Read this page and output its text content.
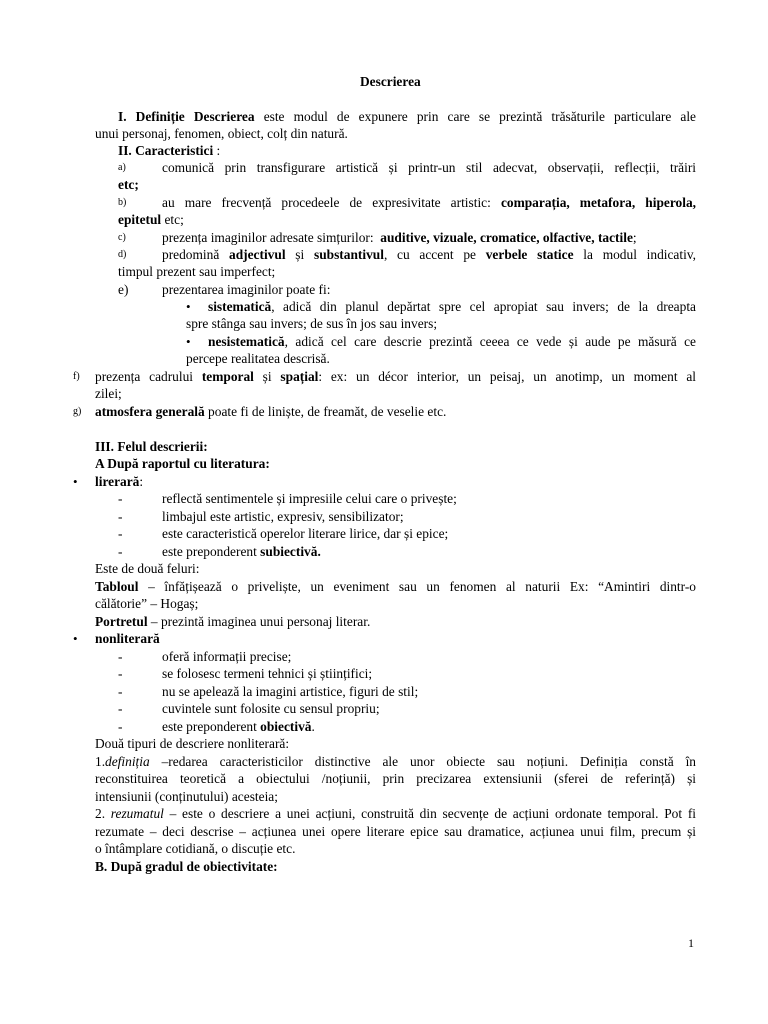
Descrierea
I. Definiție Descrierea este modul de expunere prin care se prezintă trăsăturile particulare ale
unui personaj, fenomen, obiect, colț din natură.
II. Caracteristici :
a)	comunică prin transfigurare artistică și printr-un stil adecvat, observații, reflecții, trăiri
etc;
b)	au mare frecvență procedeele de expresivitate artistic: comparația, metafora, hiperola,
epitetul etc;
c)	prezența imaginilor adresate simțurilor: auditive, vizuale, cromatice, olfactive, tactile;
d)	predomină adjectivul și substantivul, cu accent pe verbele statice la modul indicativ,
timpul prezent sau imperfect;
e)	prezentarea imaginilor poate fi:
• sistematică, adică din planul depărtat spre cel apropiat sau invers; de la dreapta
spre stânga sau invers; de sus în jos sau invers;
• nesistematică, adică cel care descrie prezintă ceeea ce vede și aude pe măsură ce
percepe realitatea descrisă.
f) prezența cadrului temporal și spațial: ex: un décor interior, un peisaj, un anotimp, un moment al
zilei;
g) atmosfera generală poate fi de liniște, de freamăt, de veselie etc.
III. Felul descrierii:
A După raportul cu literatura:
• lirerară:
-	reflectă sentimentele și impresiile celui care o privește;
-	limbajul este artistic, expresiv, sensibilizator;
-	este caracteristică operelor literare lirice, dar și epice;
-	este preponderent subiectivă.
Este de două feluri:
Tabloul – înfățișează o priveliște, un eveniment sau un fenomen al naturii Ex: “Amintiri dintr-o
călătorie” – Hogaș;
Portretul – prezintă imaginea unui personaj literar.
• nonliterară
-	oferă informații precise;
-	se folosesc termeni tehnici și științifici;
-	nu se apelează la imagini artistice, figuri de stil;
-	cuvintele sunt folosite cu sensul propriu;
-	este preponderent obiectivă.
Două tipuri de descriere nonliterară:
1.definiția –redarea caracteristicilor distinctive ale unor obiecte sau noțiuni. Definiția constă în
reconstituirea teoretică a obiectului /noțiunii, prin precizarea extensiunii (sferei de referință) și
intensiunii (conținutului) acesteia;
2. rezumatul – este o descriere a unei acțiuni, construită din secvențe de acțiuni ordonate temporal. Pot fi
rezumate – deci descrise – acțiunea unei opere literare epice sau dramatice, acțiunea unui film, precum și
o întâmplare cotidiană, o discuție etc.
B. După gradul de obiectivitate:
1
